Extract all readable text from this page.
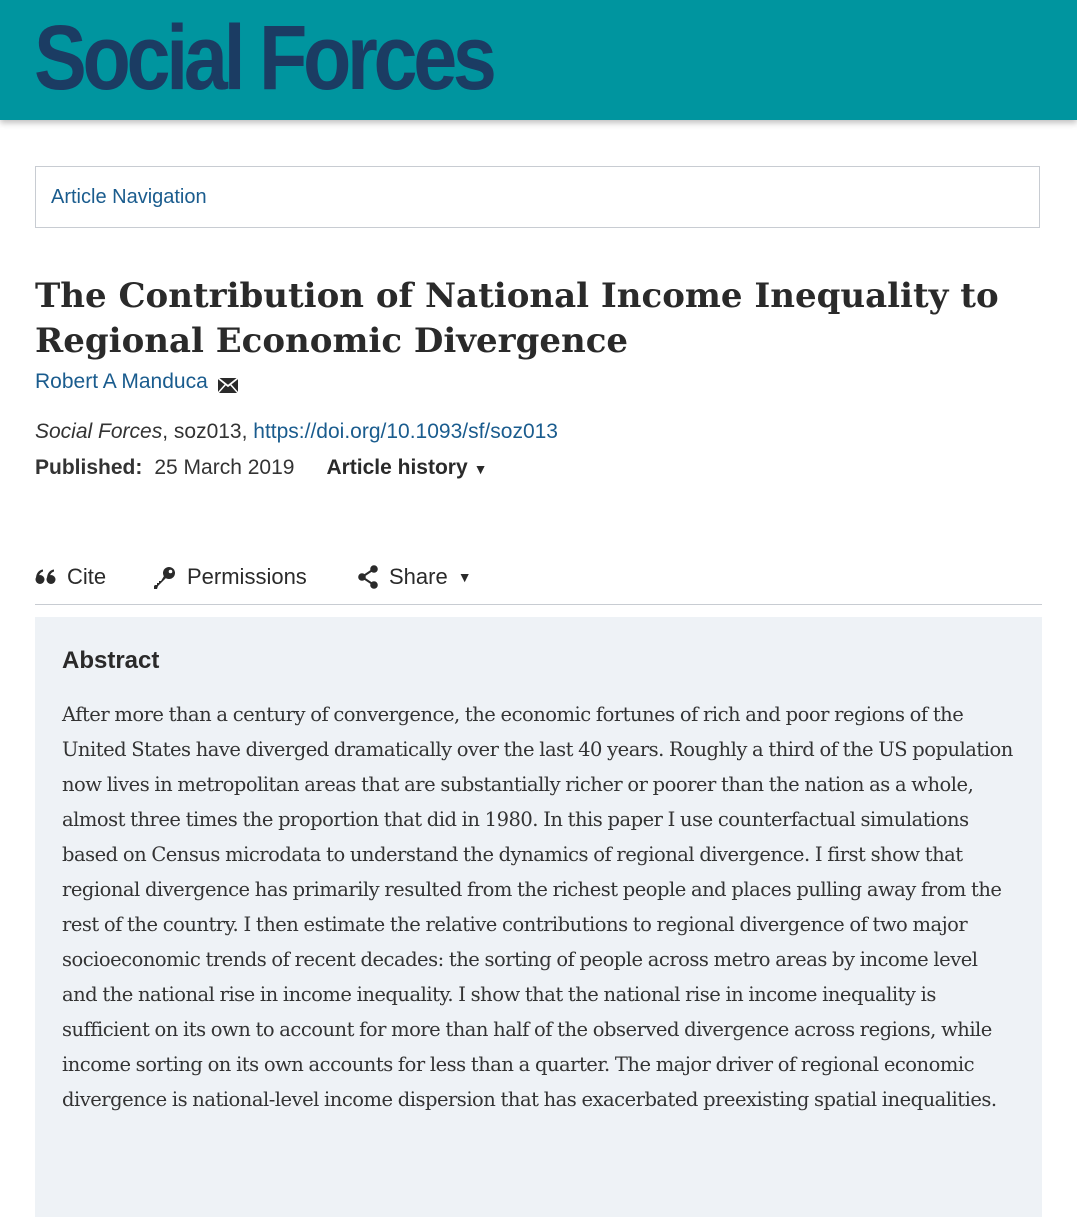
Social Forces
Article Navigation
The Contribution of National Income Inequality to Regional Economic Divergence
Robert A Manduca
Social Forces, soz013, https://doi.org/10.1093/sf/soz013
Published: 25 March 2019 Article history ▼
Cite	Permissions	Share ▼
Abstract

After more than a century of convergence, the economic fortunes of rich and poor regions of the United States have diverged dramatically over the last 40 years. Roughly a third of the US population now lives in metropolitan areas that are substantially richer or poorer than the nation as a whole, almost three times the proportion that did in 1980. In this paper I use counterfactual simulations based on Census microdata to understand the dynamics of regional divergence. I first show that regional divergence has primarily resulted from the richest people and places pulling away from the rest of the country. I then estimate the relative contributions to regional divergence of two major socioeconomic trends of recent decades: the sorting of people across metro areas by income level and the national rise in income inequality. I show that the national rise in income inequality is sufficient on its own to account for more than half of the observed divergence across regions, while income sorting on its own accounts for less than a quarter. The major driver of regional economic divergence is national-level income dispersion that has exacerbated preexisting spatial inequalities.
